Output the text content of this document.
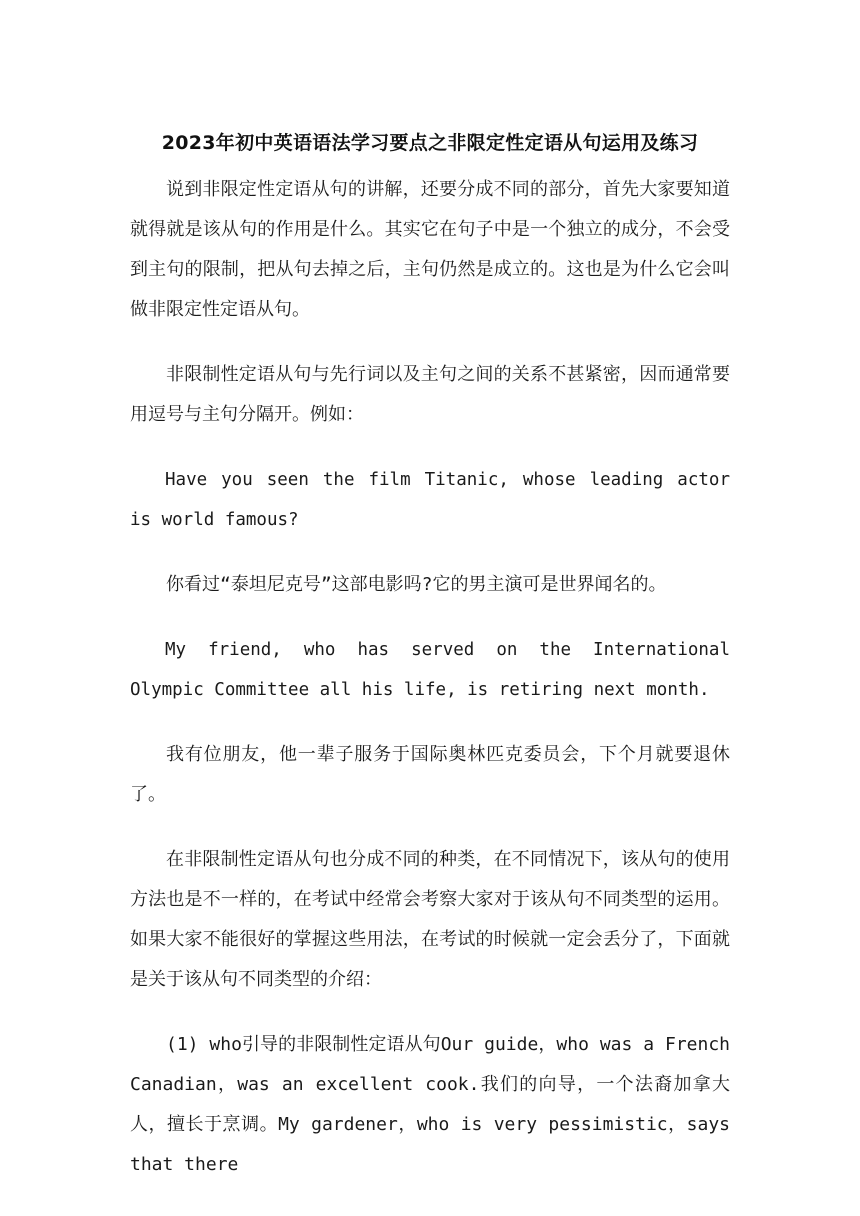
2023年初中英语语法学习要点之非限定性定语从句运用及练习

说到非限定性定语从句的讲解，还要分成不同的部分，首先大家要知道就得就是该从句的作用是什么。其实它在句子中是一个独立的成分，不会受到主句的限制，把从句去掉之后，主句仍然是成立的。这也是为什么它会叫做非限定性定语从句。

非限制性定语从句与先行词以及主句之间的关系不甚紧密，因而通常要用逗号与主句分隔开。例如：

Have you seen the film Titanic, whose leading actor is world famous?

你看过“泰坦尼克号”这部电影吗?它的男主演可是世界闻名的。

My friend, who has served on the International Olympic Committee all his life, is retiring next month.

我有位朋友，他一辈子服务于国际奥林匹克委员会，下个月就要退休了。

在非限制性定语从句也分成不同的种类，在不同情况下，该从句的使用方法也是不一样的，在考试中经常会考察大家对于该从句不同类型的运用。如果大家不能很好的掌握这些用法，在考试的时候就一定会丢分了，下面就是关于该从句不同类型的介绍：

(1) who引导的非限制性定语从句Our guide，who was a French Canadian，was an excellent cook.我们的向导，一个法裔加拿大人，擅长于烹调。My gardener，who is very pessimistic，says that there
